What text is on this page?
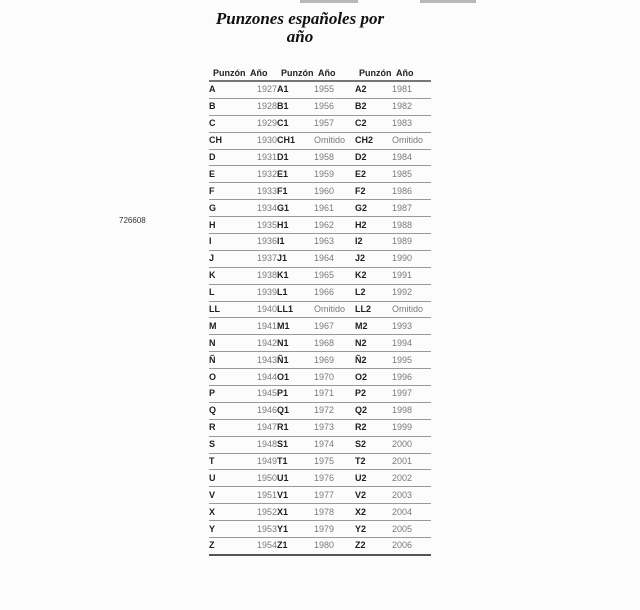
Punzones españoles por
año
726608
Punzón	Año	Punzón	Año	Punzón	Año
A	1927	A1	1955	A2	1981
B	1928	B1	1956	B2	1982
C	1929	C1	1957	C2	1983
CH	1930	CH1	Omitido	CH2	Omitido
D	1931	D1	1958	D2	1984
E	1932	E1	1959	E2	1985
F	1933	F1	1960	F2	1986
G	1934	G1	1961	G2	1987
H	1935	H1	1962	H2	1988
I	1936	I1	1963	I2	1989
J	1937	J1	1964	J2	1990
K	1938	K1	1965	K2	1991
L	1939	L1	1966	L2	1992
LL	1940	LL1	Omitido	LL2	Omitido
M	1941	M1	1967	M2	1993
N	1942	N1	1968	N2	1994
Ñ	1943	Ñ1	1969	Ñ2	1995
O	1944	O1	1970	O2	1996
P	1945	P1	1971	P2	1997
Q	1946	Q1	1972	Q2	1998
R	1947	R1	1973	R2	1999
S	1948	S1	1974	S2	2000
T	1949	T1	1975	T2	2001
U	1950	U1	1976	U2	2002
V	1951	V1	1977	V2	2003
X	1952	X1	1978	X2	2004
Y	1953	Y1	1979	Y2	2005
Z	1954	Z1	1980	Z2	2006
